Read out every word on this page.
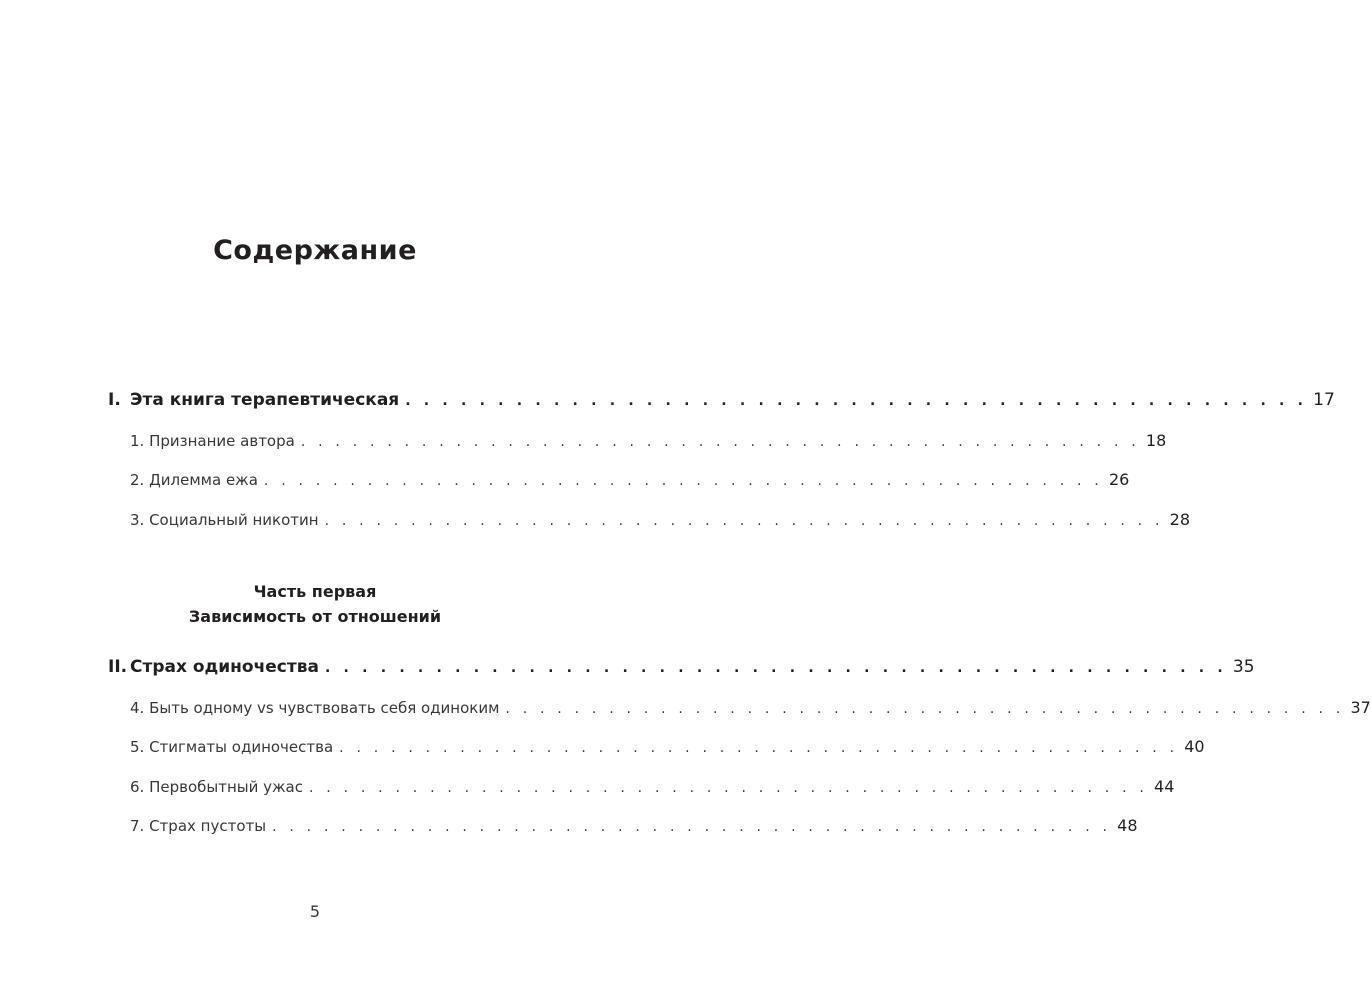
Содержание
I. Эта книга терапевтическая . . . . . . . . . . . . . . . . . . . . . . . . . . . . . . . . . . . . . . . . . . . . . . . . . 17
1. Признание автора . . . . . . . . . . . . . . . . . . . . . . . . . . . . . . . . . . . . . . . . . . . . . . . . . 18
2. Дилемма ежа . . . . . . . . . . . . . . . . . . . . . . . . . . . . . . . . . . . . . . . . . . . . . . . . . 26
3. Социальный никотин . . . . . . . . . . . . . . . . . . . . . . . . . . . . . . . . . . . . . . . . . . . . . . . . . 28
Часть первая
Зависимость от отношений
II. Страх одиночества . . . . . . . . . . . . . . . . . . . . . . . . . . . . . . . . . . . . . . . . . . . . . . . . . 35
4. Быть одному vs чувствовать себя одиноким . . . . . . . . . . . . . . . . . . . . . . . . . . . . . . . . . . . . . . . . . . . . . . . . . 37
5. Стигматы одиночества . . . . . . . . . . . . . . . . . . . . . . . . . . . . . . . . . . . . . . . . . . . . . . . . . 40
6. Первобытный ужас . . . . . . . . . . . . . . . . . . . . . . . . . . . . . . . . . . . . . . . . . . . . . . . . . 44
7. Страх пустоты . . . . . . . . . . . . . . . . . . . . . . . . . . . . . . . . . . . . . . . . . . . . . . . . . 48
5
